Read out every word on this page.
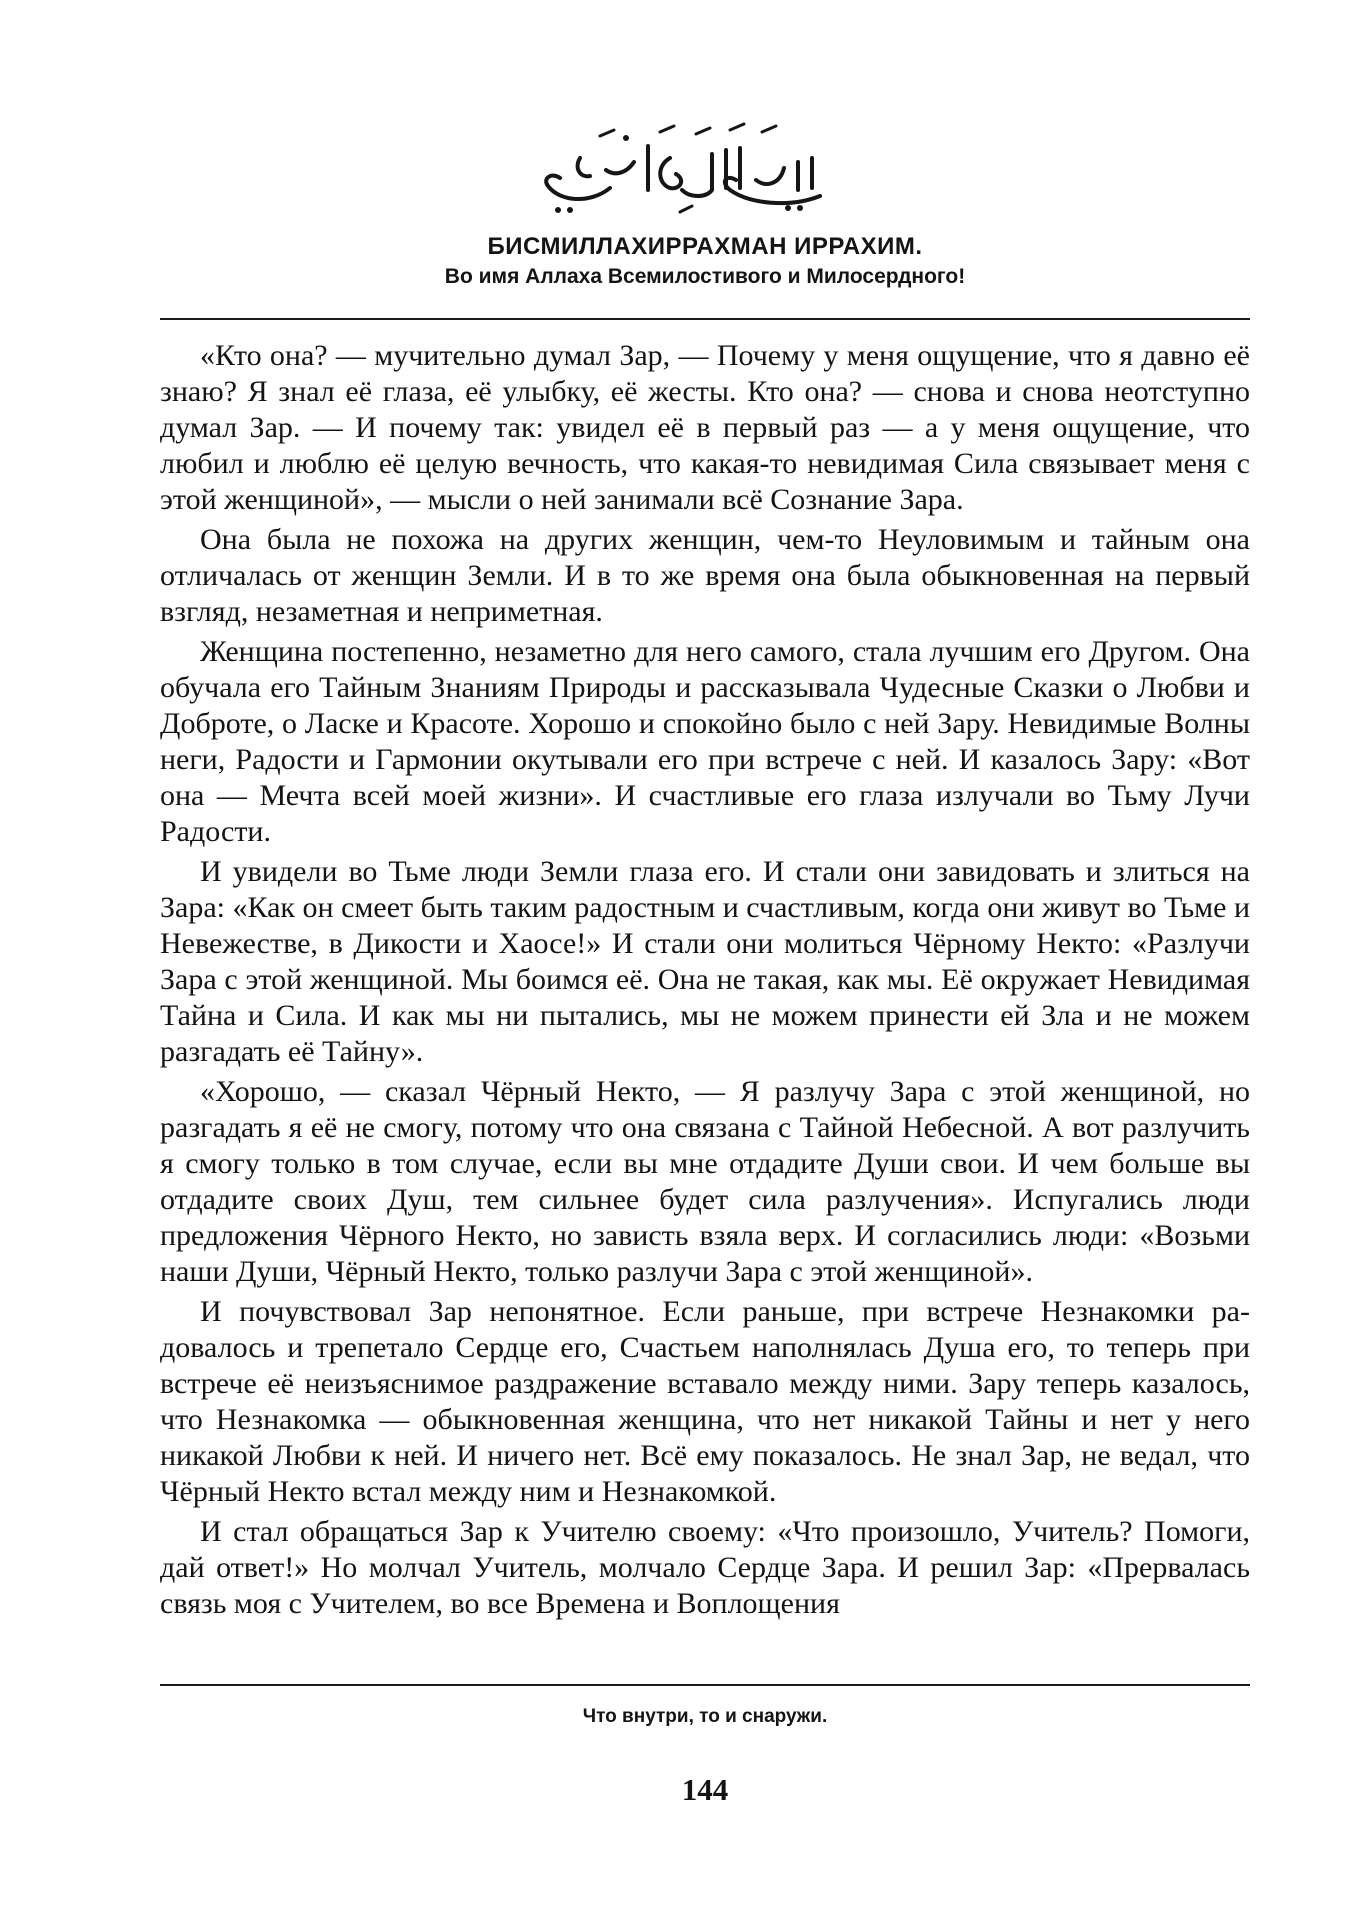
БИСМИЛЛАХИРРАХМАН ИРРАХИМ.
Во имя Аллаха Всемилостивого и Милосердного!

«Кто она? — мучительно думал Зар, — Почему у меня ощущение, что я давно её знаю? Я знал её глаза, её улыбку, её жесты. Кто она? — снова и снова неотступно думал Зар. — И почему так: увидел её в первый раз — а у меня ощущение, что любил и люблю её целую вечность, что какая-то невидимая Сила связывает меня с этой женщиной», — мысли о ней занимали всё Сознание Зара.

Она была не похожа на других женщин, чем-то Неуловимым и тайным она отличалась от женщин Земли. И в то же время она была обыкновенная на первый взгляд, незаметная и неприметная.

Женщина постепенно, незаметно для него самого, стала лучшим его Другом. Она обучала его Тайным Знаниям Природы и рассказывала Чудесные Сказки о Любви и Доброте, о Ласке и Красоте. Хорошо и спокойно было с ней Зару. Невидимые Волны неги, Радости и Гармонии окутывали его при встрече с ней. И казалось Зару: «Вот она — Мечта всей моей жизни». И счастливые его глаза излучали во Тьму Лучи Радости.

И увидели во Тьме люди Земли глаза его. И стали они завидовать и злиться на Зара: «Как он смеет быть таким радостным и счастливым, когда они живут во Тьме и Невежестве, в Дикости и Хаосе!» И стали они молиться Чёрному Некто: «Разлучи Зара с этой женщиной. Мы боимся её. Она не такая, как мы. Её окружает Невидимая Тайна и Сила. И как мы ни пытались, мы не можем принести ей Зла и не можем разгадать её Тайну».

«Хорошо, — сказал Чёрный Некто, — Я разлучу Зара с этой женщиной, но разгадать я её не смогу, потому что она связана с Тайной Небесной. А вот разлучить я смогу только в том случае, если вы мне отдадите Души свои. И чем больше вы отдадите своих Душ, тем сильнее будет сила разлучения». Испугались люди предложения Чёрного Некто, но зависть взяла верх. И согласились люди: «Возьми наши Души, Чёрный Некто, только разлучи Зара с этой женщиной».

И почувствовал Зар непонятное. Если раньше, при встрече Незнакомки радовалось и трепетало Сердце его, Счастьем наполнялась Душа его, то теперь при встрече её неизъяснимое раздражение вставало между ними. Зару теперь казалось, что Незнакомка — обыкновенная женщина, что нет никакой Тайны и нет у него никакой Любви к ней. И ничего нет. Всё ему показалось. Не знал Зар, не ведал, что Чёрный Некто встал между ним и Незнакомкой.

И стал обращаться Зар к Учителю своему: «Что произошло, Учитель? Помоги, дай ответ!» Но молчал Учитель, молчало Сердце Зара. И решил Зар: «Прервалась связь моя с Учителем, во все Времена и Воплощения

Что внутри, то и снаружи.
144
